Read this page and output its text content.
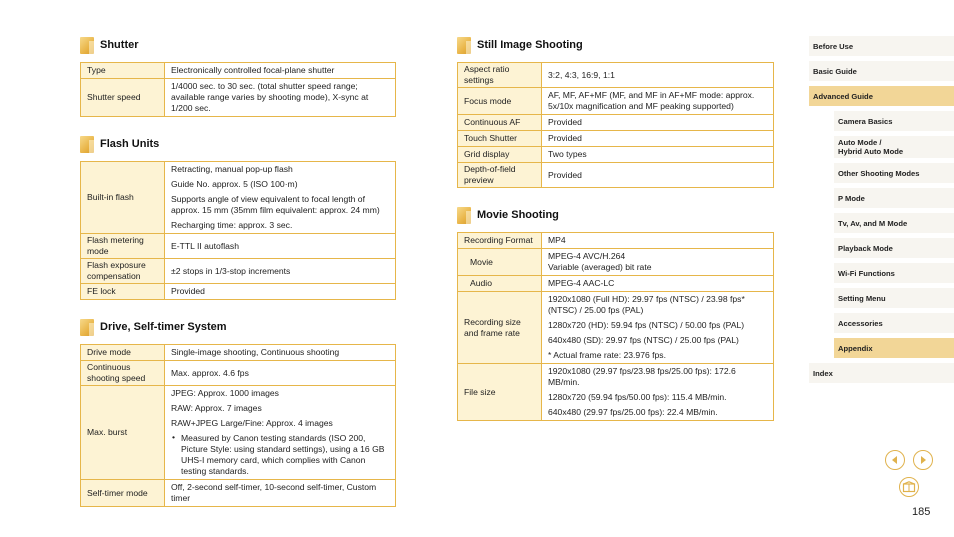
Shutter
Type	Electronically controlled focal-plane shutter

Shutter speed	1/4000 sec. to 30 sec. (total shutter speed range; available range varies by shooting mode), X-sync at 1/200 sec.
Flash Units
Built-in flash	Retracting, manual pop-up flash
Guide No. approx. 5 (ISO 100·m)
Supports angle of view equivalent to focal length of approx. 15 mm (35mm film equivalent: approx. 24 mm)
Recharging time: approx. 3 sec.

Flash metering mode	E-TTL II autoflash

Flash exposure compensation	±2 stops in 1/3-stop increments

FE lock	Provided
Drive, Self-timer System
Drive mode	Single-image shooting, Continuous shooting

Continuous shooting speed	Max. approx. 4.6 fps

Max. burst	JPEG: Approx. 1000 images
RAW: Approx. 7 images
RAW+JPEG Large/Fine: Approx. 4 images
• Measured by Canon testing standards (ISO 200, Picture Style: using standard settings), using a 16 GB UHS-I memory card, which complies with Canon testing standards.

Self-timer mode	Off, 2-second self-timer, 10-second self-timer, Custom timer
Still Image Shooting
Aspect ratio settings	3:2, 4:3, 16:9, 1:1

Focus mode	AF, MF, AF+MF (MF, and MF in AF+MF mode: approx. 5x/10x magnification and MF peaking supported)

Continuous AF	Provided

Touch Shutter	Provided

Grid display	Two types

Depth-of-field preview	Provided
Movie Shooting
Recording Format	MP4

Movie	MPEG-4 AVC/H.264
Variable (averaged) bit rate

Audio	MPEG-4 AAC-LC

Recording size and frame rate	1920x1080 (Full HD): 29.97 fps (NTSC) / 23.98 fps* (NTSC) / 25.00 fps (PAL)
1280x720 (HD): 59.94 fps (NTSC) / 50.00 fps (PAL)
640x480 (SD): 29.97 fps (NTSC) / 25.00 fps (PAL)
* Actual frame rate: 23.976 fps.

File size	1920x1080 (29.97 fps/23.98 fps/25.00 fps): 172.6 MB/min.
1280x720 (59.94 fps/50.00 fps): 115.4 MB/min.
640x480 (29.97 fps/25.00 fps): 22.4 MB/min.
Before Use
Basic Guide
Advanced Guide
Camera Basics
Auto Mode /
Hybrid Auto Mode
Other Shooting Modes
P Mode
Tv, Av, and M Mode
Playback Mode
Wi-Fi Functions
Setting Menu
Accessories
Appendix
Index
185
